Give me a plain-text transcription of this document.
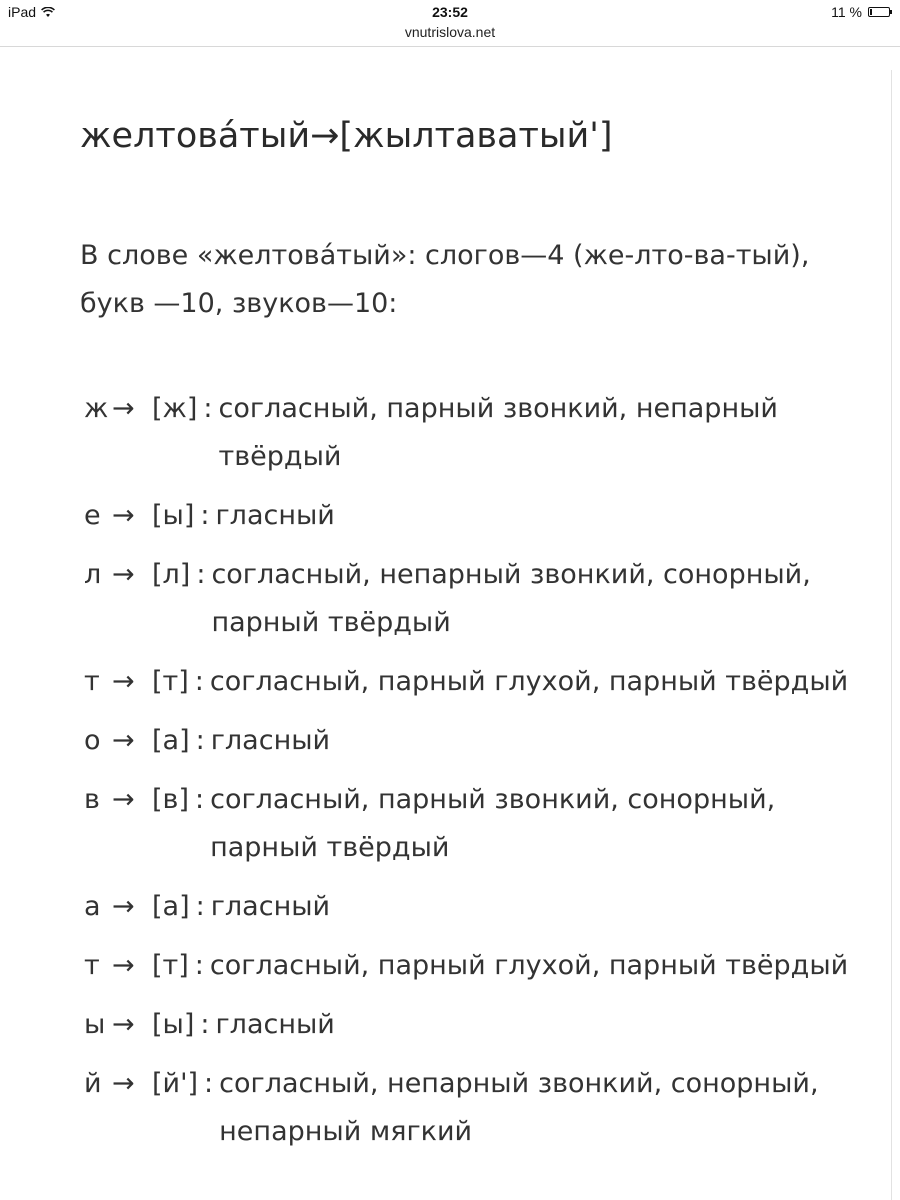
iPad	23:52	11 %
vnutrislova.net
желтова́тый→[жылтаватый']

В слове «желтова́тый»: слогов—4 (же-лто-ва-тый), букв —10, звуков—10:

ж → [ж] : согласный, парный звонкий, непарный твёрдый
е → [ы] : гласный
л → [л] : согласный, непарный звонкий, сонорный, парный твёрдый
т → [т] : согласный, парный глухой, парный твёрдый
о → [а] : гласный
в → [в] : согласный, парный звонкий, сонорный, парный твёрдый
а → [а] : гласный
т → [т] : согласный, парный глухой, парный твёрдый
ы → [ы] : гласный
й → [й'] : согласный, непарный звонкий, сонорный, непарный мягкий
